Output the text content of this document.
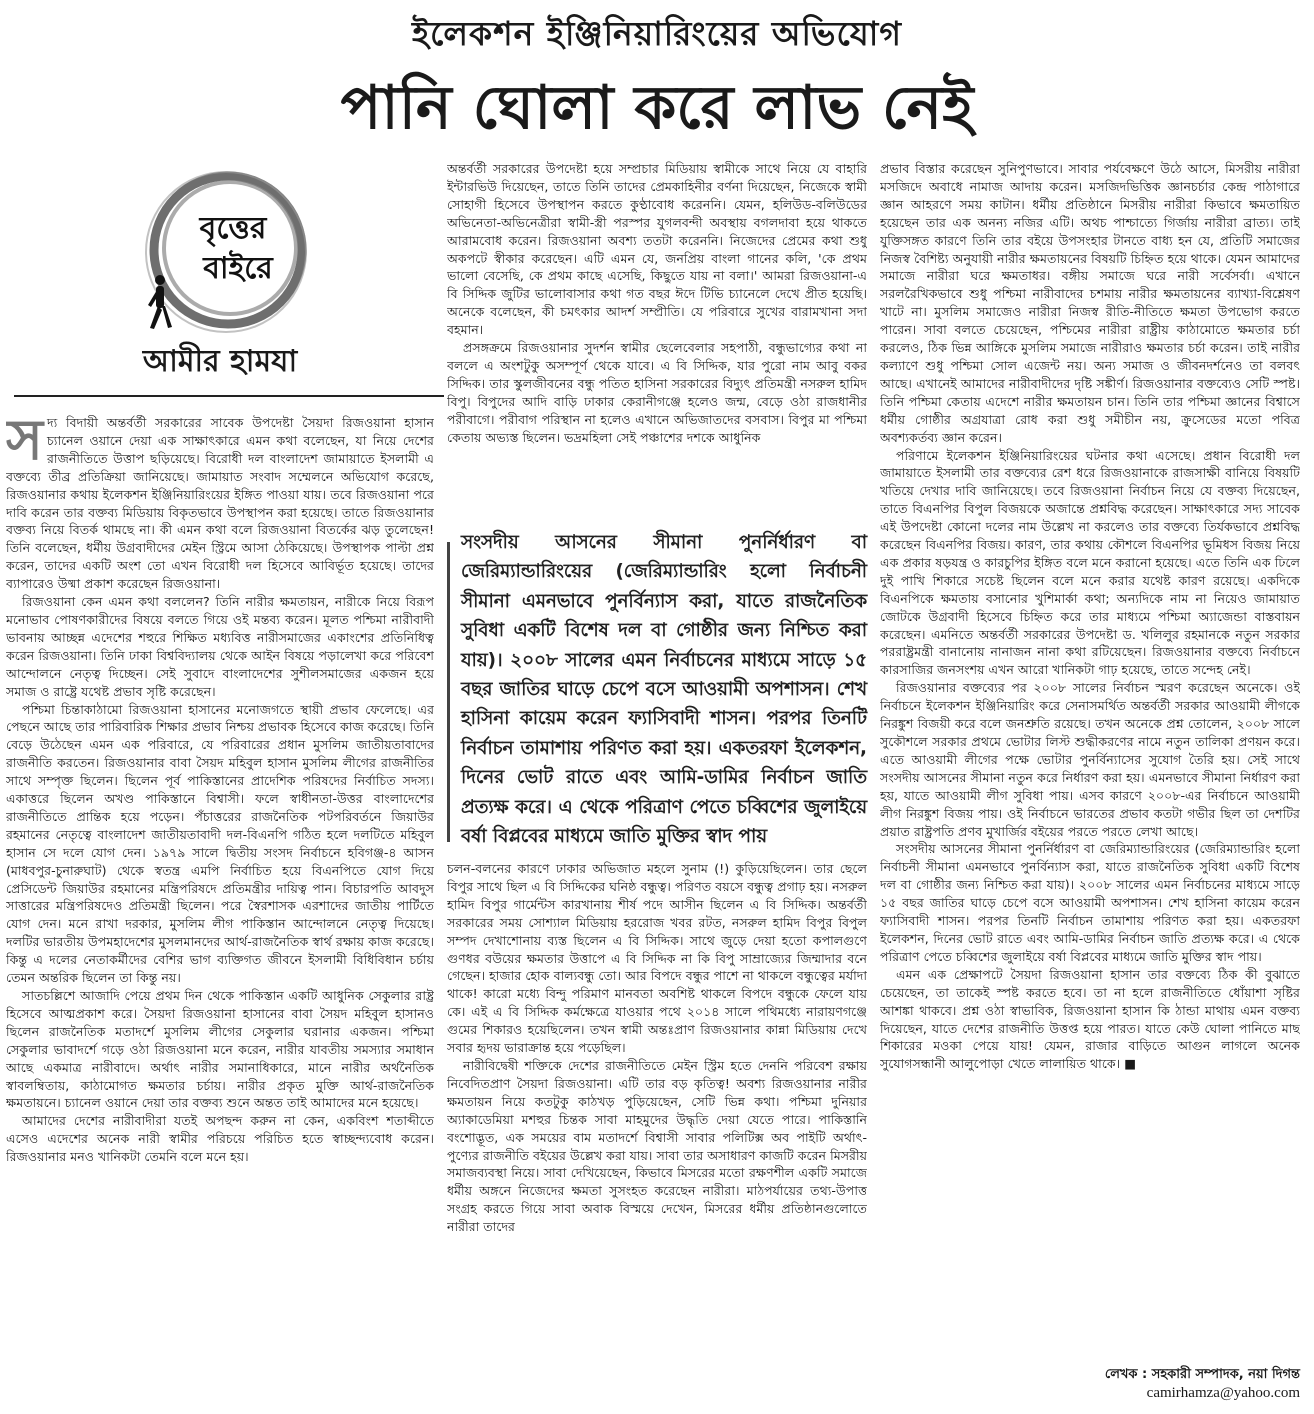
ইলেকশন ইঞ্জিনিয়ারিংয়ের অভিযোগ
পানি ঘোলা করে লাভ নেই
বৃত্তের
বাইরে
আমীর হামযা
স দ্য বিদায়ী অন্তর্বর্তী সরকারের সাবেক উপদেষ্টা সৈয়দা রিজওয়ানা হাসান চ্যানেল ওয়ানে দেয়া এক সাক্ষাৎকারে এমন কথা বলেছেন, যা নিয়ে দেশের রাজনীতিতে উত্তাপ ছড়িয়েছে। বিরোধী দল বাংলাদেশ জামায়াতে ইসলামী এ বক্তব্যে তীব্র প্রতিক্রিয়া জানিয়েছে। জামায়াত সংবাদ সম্মেলনে অভিযোগ করেছে, রিজওয়ানার কথায় ইলেকশন ইঞ্জিনিয়ারিংয়ের ইঙ্গিত পাওয়া যায়। তবে রিজওয়ানা পরে দাবি করেন তার বক্তব্য মিডিয়ায় বিকৃতভাবে উপস্থাপন করা হয়েছে। তাতে রিজওয়ানার বক্তব্য নিয়ে বিতর্ক থামছে না। কী এমন কথা বলে রিজওয়ানা বিতর্কের ঝড় তুলেছেন! তিনি বলেছেন, ধর্মীয় উগ্রবাদীদের মেইন স্ট্রিমে আসা ঠেকিয়েছে। উপস্থাপক পাল্টা প্রশ্ন করেন, তাদের একটি অংশ তো এখন বিরোধী দল হিসেবে আবির্ভূত হয়েছে। তাদের ব্যাপারেও উষ্মা প্রকাশ করেছেন রিজওয়ানা।

রিজওয়ানা কেন এমন কথা বললেন? তিনি নারীর ক্ষমতায়ন, নারীকে নিয়ে বিরূপ মনোভাব পোষণকারীদের বিষয়ে বলতে গিয়ে ওই মন্তব্য করেন। মূলত পশ্চিমা নারীবাদী ভাবনায় আচ্ছন্ন এদেশের শহুরে শিক্ষিত মধ্যবিত্ত নারীসমাজের একাংশের প্রতিনিধিত্ব করেন রিজওয়ানা। তিনি ঢাকা বিশ্ববিদ্যালয় থেকে আইন বিষয়ে পড়ালেখা করে পরিবেশ আন্দোলনে নেতৃত্ব দিচ্ছেন। সেই সুবাদে বাংলাদেশের সুশীলসমাজের একজন হয়ে সমাজ ও রাষ্ট্রে যথেষ্ট প্রভাব সৃষ্টি করেছেন।

পশ্চিমা চিন্তাকাঠামো রিজওয়ানা হাসানের মনোজগতে স্থায়ী প্রভাব ফেলেছে। এর পেছনে আছে তার পারিবারিক শিক্ষার প্রভাব নিশ্চয় প্রভাবক হিসেবে কাজ করেছে। তিনি বেড়ে উঠেছেন এমন এক পরিবারে, যে পরিবারের প্রধান মুসলিম জাতীয়তাবাদের রাজনীতি করতেন। রিজওয়ানার বাবা সৈয়দ মহিবুল হাসান মুসলিম লীগের রাজনীতির সাথে সম্পৃক্ত ছিলেন। ছিলেন পূর্ব পাকিস্তানের প্রাদেশিক পরিষদের নির্বাচিত সদস্য। একাত্তরে ছিলেন অখণ্ড পাকিস্তানে বিশ্বাসী। ফলে স্বাধীনতা-উত্তর বাংলাদেশের রাজনীতিতে প্রান্তিক হয়ে পড়েন। পঁচাত্তরের রাজনৈতিক পটপরিবর্তনে জিয়াউর রহমানের নেতৃত্বে বাংলাদেশ জাতীয়তাবাদী দল-বিএনপি গঠিত হলে দলটিতে মহিবুল হাসান সে দলে যোগ দেন। ১৯৭৯ সালে দ্বিতীয় সংসদ নির্বাচনে হবিগঞ্জ-৪ আসন (মাধবপুর-চুনারুঘাট) থেকে স্বতন্ত্র এমপি নির্বাচিত হয়ে বিএনপিতে যোগ দিয়ে প্রেসিডেন্ট জিয়াউর রহমানের মন্ত্রিপরিষদে প্রতিমন্ত্রীর দায়িত্ব পান। বিচারপতি আবদুস সাত্তারের মন্ত্রিপরিষদেও প্রতিমন্ত্রী ছিলেন। পরে স্বৈরশাসক এরশাদের জাতীয় পার্টিতে যোগ দেন। মনে রাখা দরকার, মুসলিম লীগ পাকিস্তান আন্দোলনে নেতৃত্ব দিয়েছে। দলটির ভারতীয় উপমহাদেশের মুসলমানদের আর্থ-রাজনৈতিক স্বার্থ রক্ষায় কাজ করেছে। কিন্তু এ দলের নেতাকর্মীদের বেশির ভাগ ব্যক্তিগত জীবনে ইসলামী বিধিবিধান চর্চায় তেমন অন্তরিক ছিলেন তা কিন্তু নয়।

সাতচল্লিশে আজাদি পেয়ে প্রথম দিন থেকে পাকিস্তান একটি আধুনিক সেকুলার রাষ্ট্র হিসেবে আত্মপ্রকাশ করে। সৈয়দা রিজওয়ানা হাসানের বাবা সৈয়দ মহিবুল হাসানও ছিলেন রাজনৈতিক মতাদর্শে মুসলিম লীগের সেকুলার ঘরানার একজন। পশ্চিমা সেকুলার ভাবাদর্শে গড়ে ওঠা রিজওয়ানা মনে করেন, নারীর যাবতীয় সমস্যার সমাধান আছে একমাত্র নারীবাদে। অর্থাৎ নারীর সমানাধিকারে, মানে নারীর অর্থনৈতিক স্বাবলম্বিতায়, কাঠামোগত ক্ষমতার চর্চায়। নারীর প্রকৃত মুক্তি আর্থ-রাজনৈতিক ক্ষমতায়নে। চ্যানেল ওয়ানে দেয়া তার বক্তব্য শুনে অন্তত তাই আমাদের মনে হয়েছে।

আমাদের দেশের নারীবাদীরা যতই অপছন্দ করুন না কেন, একবিংশ শতাব্দীতে এসেও এদেশের অনেক নারী স্বামীর পরিচয়ে পরিচিত হতে স্বাচ্ছন্দ্যবোধ করেন। রিজওয়ানার মনও খানিকটা তেমনি বলে মনে হয়।

অন্তর্বর্তী সরকারের উপদেষ্টা হয়ে সম্প্রচার মিডিয়ায় স্বামীকে সাথে নিয়ে যে বাহারি ইন্টারভিউ দিয়েছেন, তাতে তিনি তাদের প্রেমকাহিনীর বর্ণনা দিয়েছেন, নিজেকে স্বামী সোহাগী হিসেবে উপস্থাপন করতে কুণ্ঠাবোধ করেননি। যেমন, হলিউড-বলিউডের অভিনেতা-অভিনেত্রীরা স্বামী-স্ত্রী পরস্পর যুগলবন্দী অবস্থায় বগলদাবা হয়ে থাকতে আরামবোধ করেন। রিজওয়ানা অবশ্য ততটা করেননি। নিজেদের প্রেমের কথা শুধু অকপটে স্বীকার করেছেন। এটি এমন যে, জনপ্রিয় বাংলা গানের কলি, 'কে প্রথম ভালো বেসেছি, কে প্রথম কাছে এসেছি, কিছুতে যায় না বলা।' আমরা রিজওয়ানা-এ বি সিদ্দিক জুটির ভালোবাসার কথা গত বছর ঈদে টিভি চ্যানেলে দেখে প্রীত হয়েছি। অনেকে বলেছেন, কী চমৎকার আদর্শ সম্প্রীতি। যে পরিবারে সুখের বারামখানা সদা বহমান।

প্রসঙ্গক্রমে রিজওয়ানার সুদর্শন স্বামীর ছেলেবেলার সহপাঠী, বন্ধুভাগ্যের কথা না বললে এ অংশটুকু অসম্পূর্ণ থেকে যাবে। এ বি সিদ্দিক, যার পুরো নাম আবু বকর সিদ্দিক। তার স্কুলজীবনের বন্ধু পতিত হাসিনা সরকারের বিদ্যুৎ প্রতিমন্ত্রী নসরুল হামিদ বিপু। বিপুদের আদি বাড়ি ঢাকার কেরানীগঞ্জে হলেও জন্ম, বেড়ে ওঠা রাজধানীর পরীবাগে। পরীবাগ পরিস্থান না হলেও এখানে অভিজাতদের বসবাস। বিপুর মা পশ্চিমা কেতায় অভ্যস্ত ছিলেন। ভদ্রমহিলা সেই পঞ্চাশের দশকে আধুনিক

সংসদীয় আসনের সীমানা পুনর্নির্ধারণ বা জেরিম্যান্ডারিংয়ের (জেরিম্যান্ডারিং হলো নির্বাচনী সীমানা এমনভাবে পুনর্বিন্যাস করা, যাতে রাজনৈতিক সুবিধা একটি বিশেষ দল বা গোষ্ঠীর জন্য নিশ্চিত করা যায়)। ২০০৮ সালের এমন নির্বাচনের মাধ্যমে সাড়ে ১৫ বছর জাতির ঘাড়ে চেপে বসে আওয়ামী অপশাসন। শেখ হাসিনা কায়েম করেন ফ্যাসিবাদী শাসন। পরপর তিনটি নির্বাচন তামাশায় পরিণত করা হয়। একতরফা ইলেকশন, দিনের ভোট রাতে এবং আমি-ডামির নির্বাচন জাতি প্রত্যক্ষ করে। এ থেকে পরিত্রাণ পেতে চব্বিশের জুলাইয়ে বর্ষা বিপ্লবের মাধ্যমে জাতি মুক্তির স্বাদ পায়

চলন-বলনের কারণে ঢাকার অভিজাত মহলে সুনাম (!) কুড়িয়েছিলেন। তার ছেলে বিপুর সাথে ছিল এ বি সিদ্দিকের ঘনিষ্ঠ বন্ধুত্ব। পরিণত বয়সে বন্ধুত্ব প্রগাঢ় হয়। নসরুল হামিদ বিপুর গার্মেন্টস কারখানায় শীর্ষ পদে আসীন ছিলেন এ বি সিদ্দিক। অন্তর্বর্তী সরকারের সময় সোশ্যাল মিডিয়ায় হররোজ খবর রটত, নসরুল হামিদ বিপুর বিপুল সম্পদ দেখাশোনায় ব্যস্ত ছিলেন এ বি সিদ্দিক। সাথে জুড়ে দেয়া হতো কপালগুণে গুণধর বউয়ের ক্ষমতার উত্তাপে এ বি সিদ্দিক না কি বিপু সাম্রাজ্যের জিম্মাদার বনে গেছেন। হাজার হোক বাল্যবন্ধু তো। আর বিপদে বন্ধুর পাশে না থাকলে বন্ধুত্বের মর্যাদা থাকে! কারো মধ্যে বিন্দু পরিমাণ মানবতা অবশিষ্ট থাকলে বিপদে বন্ধুকে ফেলে যায় কে। এই এ বি সিদ্দিক কর্মক্ষেত্রে যাওয়ার পথে ২০১৪ সালে পথিমধ্যে নারায়ণগঞ্জে গুমের শিকারও হয়েছিলেন। তখন স্বামী অন্তঃপ্রাণ রিজওয়ানার কান্না মিডিয়ায় দেখে সবার হৃদয় ভারাক্রান্ত হয়ে পড়েছিল।

নারীবিদ্বেষী শক্তিকে দেশের রাজনীতিতে মেইন স্ট্রিম হতে দেননি পরিবেশ রক্ষায় নিবেদিতপ্রাণ সৈয়দা রিজওয়ানা। এটি তার বড় কৃতিত্ব! অবশ্য রিজওয়ানার নারীর ক্ষমতায়ন নিয়ে কতটুকু কাঠখড় পুড়িয়েছেন, সেটি ভিন্ন কথা। পশ্চিমা দুনিয়ার অ্যাকাডেমিয়া মশহুর চিন্তক সাবা মাহমুদের উদ্ধৃতি দেয়া যেতে পারে। পাকিস্তানি বংশোদ্ভূত, এক সময়ের বাম মতাদর্শে বিশ্বাসী সাবার পলিটিক্স অব পাইটি অর্থাৎ- পুণ্যের রাজনীতি বইয়ের উল্লেখ করা যায়। সাবা তার অসাধারণ কাজটি করেন মিসরীয় সমাজব্যবস্থা নিয়ে। সাবা দেখিয়েছেন, কিভাবে মিসরের মতো রক্ষণশীল একটি সমাজে ধর্মীয় অঙ্গনে নিজেদের ক্ষমতা সুসংহত করেছেন নারীরা। মাঠপর্যায়ের তথ্য-উপাত্ত সংগ্রহ করতে গিয়ে সাবা অবাক বিস্ময়ে দেখেন, মিসরের ধর্মীয় প্রতিষ্ঠানগুলোতে নারীরা তাদের

প্রভাব বিস্তার করেছেন সুনিপুণভাবে। সাবার পর্যবেক্ষণে উঠে আসে, মিসরীয় নারীরা মসজিদে অবাধে নামাজ আদায় করেন। মসজিদভিত্তিক জ্ঞানচর্চার কেন্দ্র পাঠাগারে জ্ঞান আহরণে সময় কাটান। ধর্মীয় প্রতিষ্ঠানে মিসরীয় নারীরা কিভাবে ক্ষমতায়িত হয়েছেন তার এক অনন্য নজির এটি। অথচ পাশ্চাত্যে গির্জায় নারীরা ব্রাত্য। তাই যুক্তিসঙ্গত কারণে তিনি তার বইয়ে উপসংহার টানতে বাধ্য হন যে, প্রতিটি সমাজের নিজস্ব বৈশিষ্ট্য অনুযায়ী নারীর ক্ষমতায়নের বিষয়টি চিহ্নিত হয়ে থাকে। যেমন আমাদের সমাজে নারীরা ঘরে ক্ষমতাধর। বঙ্গীয় সমাজে ঘরে নারী সর্বেসর্বা। এখানে সরলরৈখিকভাবে শুধু পশ্চিমা নারীবাদের চশমায় নারীর ক্ষমতায়নের ব্যাখ্যা-বিশ্লেষণ খাটে না। মুসলিম সমাজেও নারীরা নিজস্ব রীতি-নীতিতে ক্ষমতা উপভোগ করতে পারেন। সাবা বলতে চেয়েছেন, পশ্চিমের নারীরা রাষ্ট্রীয় কাঠামোতে ক্ষমতার চর্চা করলেও, ঠিক ভিন্ন আঙ্গিকে মুসলিম সমাজে নারীরাও ক্ষমতার চর্চা করেন। তাই নারীর কল্যাণে শুধু পশ্চিমা সোল এজেন্ট নয়। অন্য সমাজ ও জীবনদর্শনেও তা বলবৎ আছে। এখানেই আমাদের নারীবাদীদের দৃষ্টি সঙ্কীর্ণ। রিজওয়ানার বক্তব্যেও সেটি স্পষ্ট। তিনি পশ্চিমা কেতায় এদেশে নারীর ক্ষমতায়ন চান। তিনি তার পশ্চিমা জ্ঞানের বিশ্বাসে ধর্মীয় গোষ্ঠীর অগ্রযাত্রা রোধ করা শুধু সমীচীন নয়, ক্রুসেডের মতো পবিত্র অবশ্যকর্তব্য জ্ঞান করেন।

পরিণামে ইলেকশন ইঞ্জিনিয়ারিংয়ের ঘটনার কথা এসেছে। প্রধান বিরোধী দল জামায়াতে ইসলামী তার বক্তব্যের রেশ ধরে রিজওয়ানাকে রাজসাক্ষী বানিয়ে বিষয়টি খতিয়ে দেখার দাবি জানিয়েছে। তবে রিজওয়ানা নির্বাচন নিয়ে যে বক্তব্য দিয়েছেন, তাতে বিএনপির বিপুল বিজয়কে অজান্তে প্রশ্নবিদ্ধ করেছেন। সাক্ষাৎকারে সদ্য সাবেক এই উপদেষ্টা কোনো দলের নাম উল্লেখ না করলেও তার বক্তব্যে তির্যকভাবে প্রশ্নবিদ্ধ করেছেন বিএনপির বিজয়। কারণ, তার কথায় কৌশলে বিএনপির ভূমিধস বিজয় নিয়ে এক প্রকার ষড়যন্ত্র ও কারচুপির ইঙ্গিত বলে মনে করানো হয়েছে। এতে তিনি এক ঢিলে দুই পাখি শিকারে সচেষ্ট ছিলেন বলে মনে করার যথেষ্ট কারণ রয়েছে। একদিকে বিএনপিকে ক্ষমতায় বসানোর খুশিমার্কা কথা; অন্যদিকে নাম না নিয়েও জামায়াত জোটকে উগ্রবাদী হিসেবে চিহ্নিত করে তার মাধ্যমে পশ্চিমা অ্যাজেন্ডা বাস্তবায়ন করেছেন। এমনিতে অন্তর্বর্তী সরকারের উপদেষ্টা ড. খলিলুর রহমানকে নতুন সরকার পররাষ্ট্রমন্ত্রী বানানোয় নানাজন নানা কথা রটিয়েছেন। রিজওয়ানার বক্তব্যে নির্বাচনে কারসাজির জনসংশয় এখন আরো খানিকটা গাঢ় হয়েছে, তাতে সন্দেহ নেই।

রিজওয়ানার বক্তব্যের পর ২০০৮ সালের নির্বাচন স্মরণ করেছেন অনেকে। ওই নির্বাচনে ইলেকশন ইঞ্জিনিয়ারিং করে সেনাসমর্থিত অন্তর্বর্তী সরকার আওয়ামী লীগকে নিরঙ্কুশ বিজয়ী করে বলে জনশ্রুতি রয়েছে। তখন অনেকে প্রশ্ন তোলেন, ২০০৮ সালে সুকৌশলে সরকার প্রথমে ভোটার লিস্ট শুদ্ধীকরণের নামে নতুন তালিকা প্রণয়ন করে। এতে আওয়ামী লীগের পক্ষে ভোটার পুনর্বিন্যাসের সুযোগ তৈরি হয়। সেই সাথে সংসদীয় আসনের সীমানা নতুন করে নির্ধারণ করা হয়। এমনভাবে সীমানা নির্ধারণ করা হয়, যাতে আওয়ামী লীগ সুবিধা পায়। এসব কারণে ২০০৮-এর নির্বাচনে আওয়ামী লীগ নিরঙ্কুশ বিজয় পায়। ওই নির্বাচনে ভারতের প্রভাব কতটা গভীর ছিল তা দেশটির প্রয়াত রাষ্ট্রপতি প্রণব মুখার্জির বইয়ের পরতে পরতে লেখা আছে।

সংসদীয় আসনের সীমানা পুনর্নির্ধারণ বা জেরিম্যান্ডারিংয়ের (জেরিম্যান্ডারিং হলো নির্বাচনী সীমানা এমনভাবে পুনর্বিন্যাস করা, যাতে রাজনৈতিক সুবিধা একটি বিশেষ দল বা গোষ্ঠীর জন্য নিশ্চিত করা যায়)। ২০০৮ সালের এমন নির্বাচনের মাধ্যমে সাড়ে ১৫ বছর জাতির ঘাড়ে চেপে বসে আওয়ামী অপশাসন। শেখ হাসিনা কায়েম করেন ফ্যাসিবাদী শাসন। পরপর তিনটি নির্বাচন তামাশায় পরিণত করা হয়। একতরফা ইলেকশন, দিনের ভোট রাতে এবং আমি-ডামির নির্বাচন জাতি প্রত্যক্ষ করে। এ থেকে পরিত্রাণ পেতে চব্বিশের জুলাইয়ে বর্ষা বিপ্লবের মাধ্যমে জাতি মুক্তির স্বাদ পায়।

এমন এক প্রেক্ষাপটে সৈয়দা রিজওয়ানা হাসান তার বক্তব্যে ঠিক কী বুঝাতে চেয়েছেন, তা তাকেই স্পষ্ট করতে হবে। তা না হলে রাজনীতিতে ধোঁয়াশা সৃষ্টির আশঙ্কা থাকবে। প্রশ্ন ওঠা স্বাভাবিক, রিজওয়ানা হাসান কি ঠান্ডা মাথায় এমন বক্তব্য দিয়েছেন, যাতে দেশের রাজনীতি উত্তপ্ত হয়ে পারত। যাতে কেউ ঘোলা পানিতে মাছ শিকারের মওকা পেয়ে যায়! যেমন, রাজার বাড়িতে আগুন লাগলে অনেক সুযোগসন্ধানী আলুপোড়া খেতে লালায়িত থাকে। ■

লেখক : সহকারী সম্পাদক, নয়া দিগন্ত
camirhamza@yahoo.com
